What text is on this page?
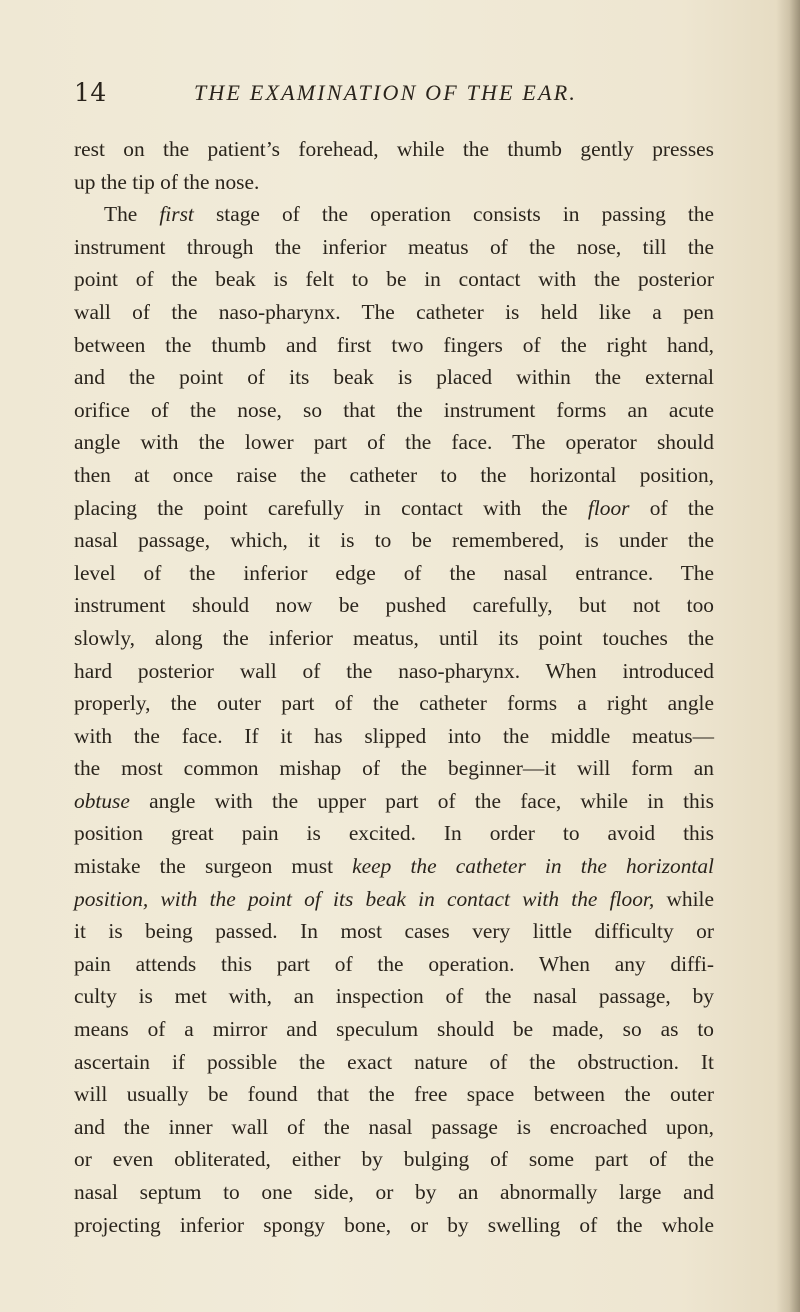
14	THE EXAMINATION OF THE EAR.
rest on the patient’s forehead, while the thumb gently presses
up the tip of the nose.
The first stage of the operation consists in passing the
instrument through the inferior meatus of the nose, till the
point of the beak is felt to be in contact with the posterior
wall of the naso-pharynx. The catheter is held like a pen
between the thumb and first two fingers of the right hand,
and the point of its beak is placed within the external
orifice of the nose, so that the instrument forms an acute
angle with the lower part of the face. The operator should
then at once raise the catheter to the horizontal position,
placing the point carefully in contact with the floor of the
nasal passage, which, it is to be remembered, is under the
level of the inferior edge of the nasal entrance. The
instrument should now be pushed carefully, but not too
slowly, along the inferior meatus, until its point touches the
hard posterior wall of the naso-pharynx. When introduced
properly, the outer part of the catheter forms a right angle
with the face. If it has slipped into the middle meatus—
the most common mishap of the beginner—it will form an
obtuse angle with the upper part of the face, while in this
position great pain is excited. In order to avoid this
mistake the surgeon must keep the catheter in the horizontal
position, with the point of its beak in contact with the floor, while
it is being passed. In most cases very little difficulty or
pain attends this part of the operation. When any diffi-
culty is met with, an inspection of the nasal passage, by
means of a mirror and speculum should be made, so as to
ascertain if possible the exact nature of the obstruction. It
will usually be found that the free space between the outer
and the inner wall of the nasal passage is encroached upon,
or even obliterated, either by bulging of some part of the
nasal septum to one side, or by an abnormally large and
projecting inferior spongy bone, or by swelling of the whole
